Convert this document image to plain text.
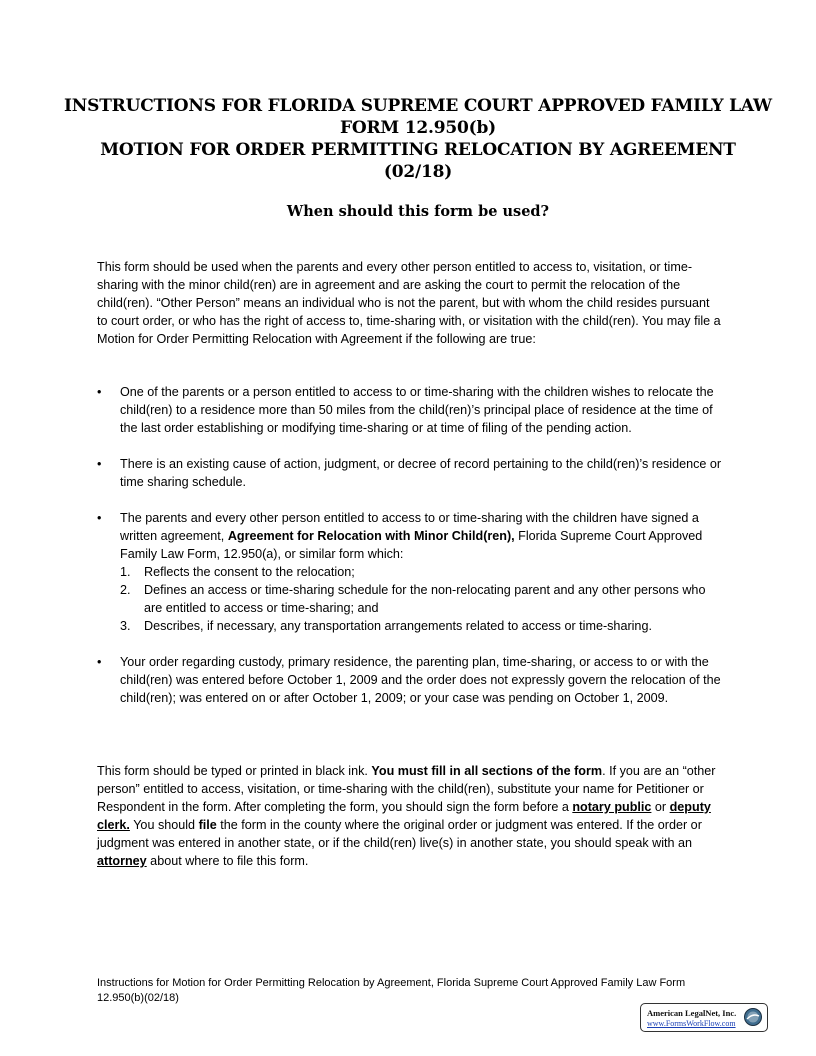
INSTRUCTIONS FOR FLORIDA SUPREME COURT APPROVED FAMILY LAW
FORM 12.950(b)
MOTION FOR ORDER PERMITTING RELOCATION BY AGREEMENT
(02/18)
When should this form be used?

This form should be used when the parents and every other person entitled to access to, visitation, or time-sharing with the minor child(ren) are in agreement and are asking the court to permit the relocation of the child(ren). “Other Person” means an individual who is not the parent, but with whom the child resides pursuant to court order, or who has the right of access to, time-sharing with, or visitation with the child(ren). You may file a Motion for Order Permitting Relocation with Agreement if the following are true:

• One of the parents or a person entitled to access to or time-sharing with the children wishes to relocate the child(ren) to a residence more than 50 miles from the child(ren)’s principal place of residence at the time of the last order establishing or modifying time-sharing or at time of filing of the pending action.
• There is an existing cause of action, judgment, or decree of record pertaining to the child(ren)’s residence or time sharing schedule.
• The parents and every other person entitled to access to or time-sharing with the children have signed a written agreement, Agreement for Relocation with Minor Child(ren), Florida Supreme Court Approved Family Law Form, 12.950(a), or similar form which:
1. Reflects the consent to the relocation;
2. Defines an access or time-sharing schedule for the non-relocating parent and any other persons who are entitled to access or time-sharing; and
3. Describes, if necessary, any transportation arrangements related to access or time-sharing.
• Your order regarding custody, primary residence, the parenting plan, time-sharing, or access to or with the child(ren) was entered before October 1, 2009 and the order does not expressly govern the relocation of the child(ren); was entered on or after October 1, 2009; or your case was pending on October 1, 2009.

This form should be typed or printed in black ink. You must fill in all sections of the form. If you are an “other person” entitled to access, visitation, or time-sharing with the child(ren), substitute your name for Petitioner or Respondent in the form. After completing the form, you should sign the form before a notary public or deputy clerk. You should file the form in the county where the original order or judgment was entered. If the order or judgment was entered in another state, or if the child(ren) live(s) in another state, you should speak with an attorney about where to file this form.

Instructions for Motion for Order Permitting Relocation by Agreement, Florida Supreme Court Approved Family Law Form 12.950(b)(02/18)
American LegalNet, Inc.
www.FormsWorkFlow.com
